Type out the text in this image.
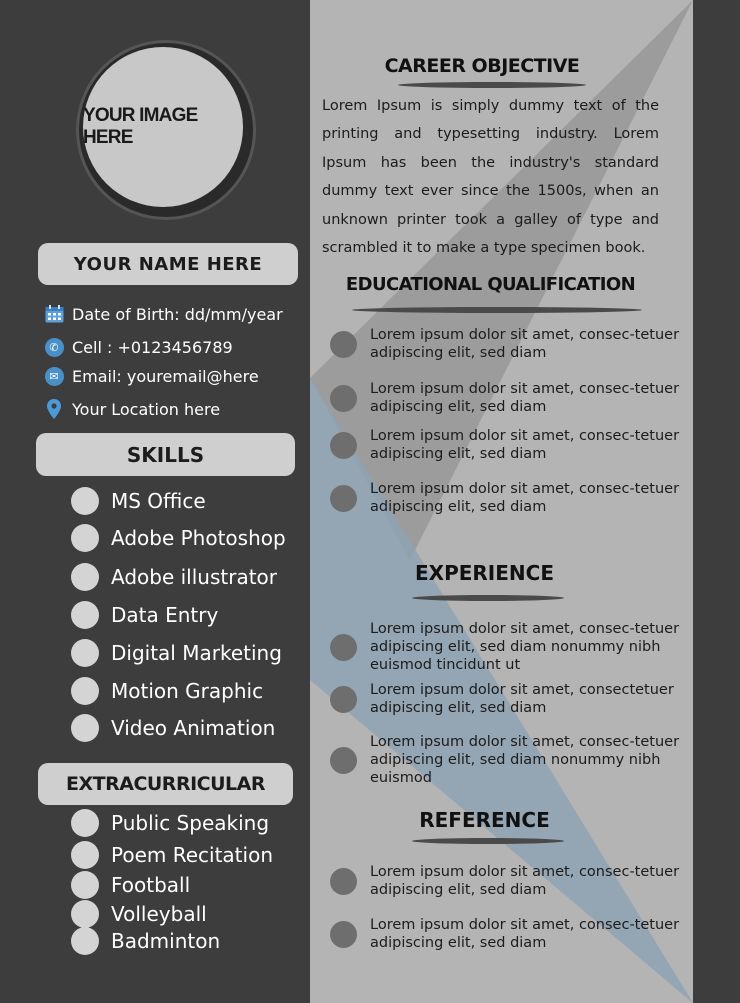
YOUR IMAGE HERE
YOUR NAME HERE
Date of Birth: dd/mm/year
✆ Cell : +0123456789
✉ Email: youremail@here
Your Location here
SKILLS
MS Office
Adobe Photoshop
Adobe illustrator
Data Entry
Digital Marketing
Motion Graphic
Video Animation
EXTRACURRICULAR
Public Speaking
Poem Recitation
Football
Volleyball
Badminton
CAREER OBJECTIVE
Lorem Ipsum is simply dummy text of the printing and typesetting industry. Lorem Ipsum has been the industry's standard dummy text ever since the 1500s, when an unknown printer took a galley of type and scrambled it to make a type specimen book.
EDUCATIONAL QUALIFICATION
Lorem ipsum dolor sit amet, consec-tetuer adipiscing elit, sed diam
Lorem ipsum dolor sit amet, consec-tetuer adipiscing elit, sed diam
Lorem ipsum dolor sit amet, consec-tetuer adipiscing elit, sed diam
Lorem ipsum dolor sit amet, consec-tetuer adipiscing elit, sed diam
EXPERIENCE
Lorem ipsum dolor sit amet, consec-tetuer adipiscing elit, sed diam nonummy nibh euismod tincidunt ut
Lorem ipsum dolor sit amet, consectetuer adipiscing elit, sed diam
Lorem ipsum dolor sit amet, consec-tetuer adipiscing elit, sed diam nonummy nibh euismod
REFERENCE
Lorem ipsum dolor sit amet, consec-tetuer adipiscing elit, sed diam
Lorem ipsum dolor sit amet, consec-tetuer adipiscing elit, sed diam
